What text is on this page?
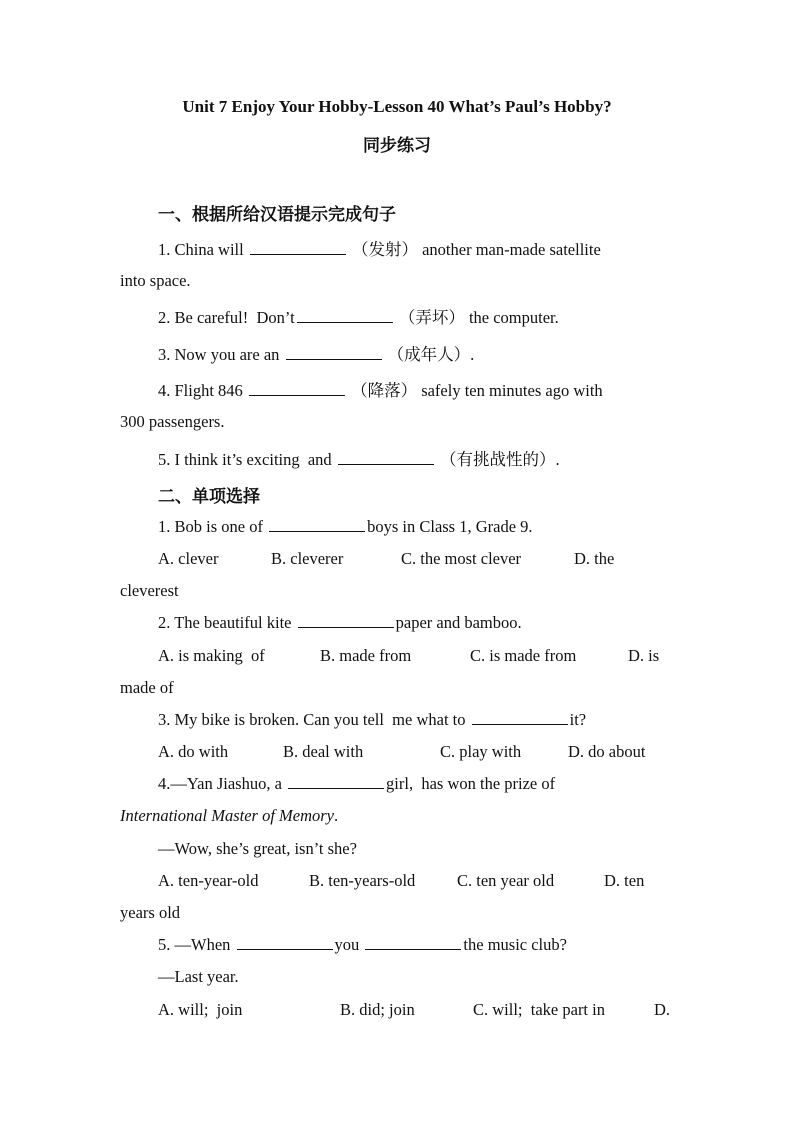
Unit 7 Enjoy Your Hobby-Lesson 40 What’s Paul’s Hobby?
同步练习
一、根据所给汉语提示完成句子
1. China will	（发射） another man-made satellite
into space.
2. Be careful!  Don’t	（弄坏） the computer.
3. Now you are an	（成年人）.
4. Flight 846	（降落） safely ten minutes ago with
300 passengers.
5. I think it’s exciting  and	（有挑战性的）.
二、单项选择
1. Bob is one of	boys in Class 1, Grade 9.
A. clever	B. cleverer	C. the most clever	D. the
cleverest
2. The beautiful kite	paper and bamboo.
A. is making  of	B. made from	C. is made from	D. is
made of
3. My bike is broken. Can you tell  me what to	it?
A. do with	B. deal with	C. play with	D. do about
4.—Yan Jiashuo, a	girl,  has won the prize of
International Master of Memory.
—Wow, she’s great, isn’t she?
A. ten-year-old	B. ten-years-old	C. ten year old	D. ten
years old
5. —When	you	the music club?
—Last year.
A. will;  join	B. did; join	C. will;  take part in	D.
